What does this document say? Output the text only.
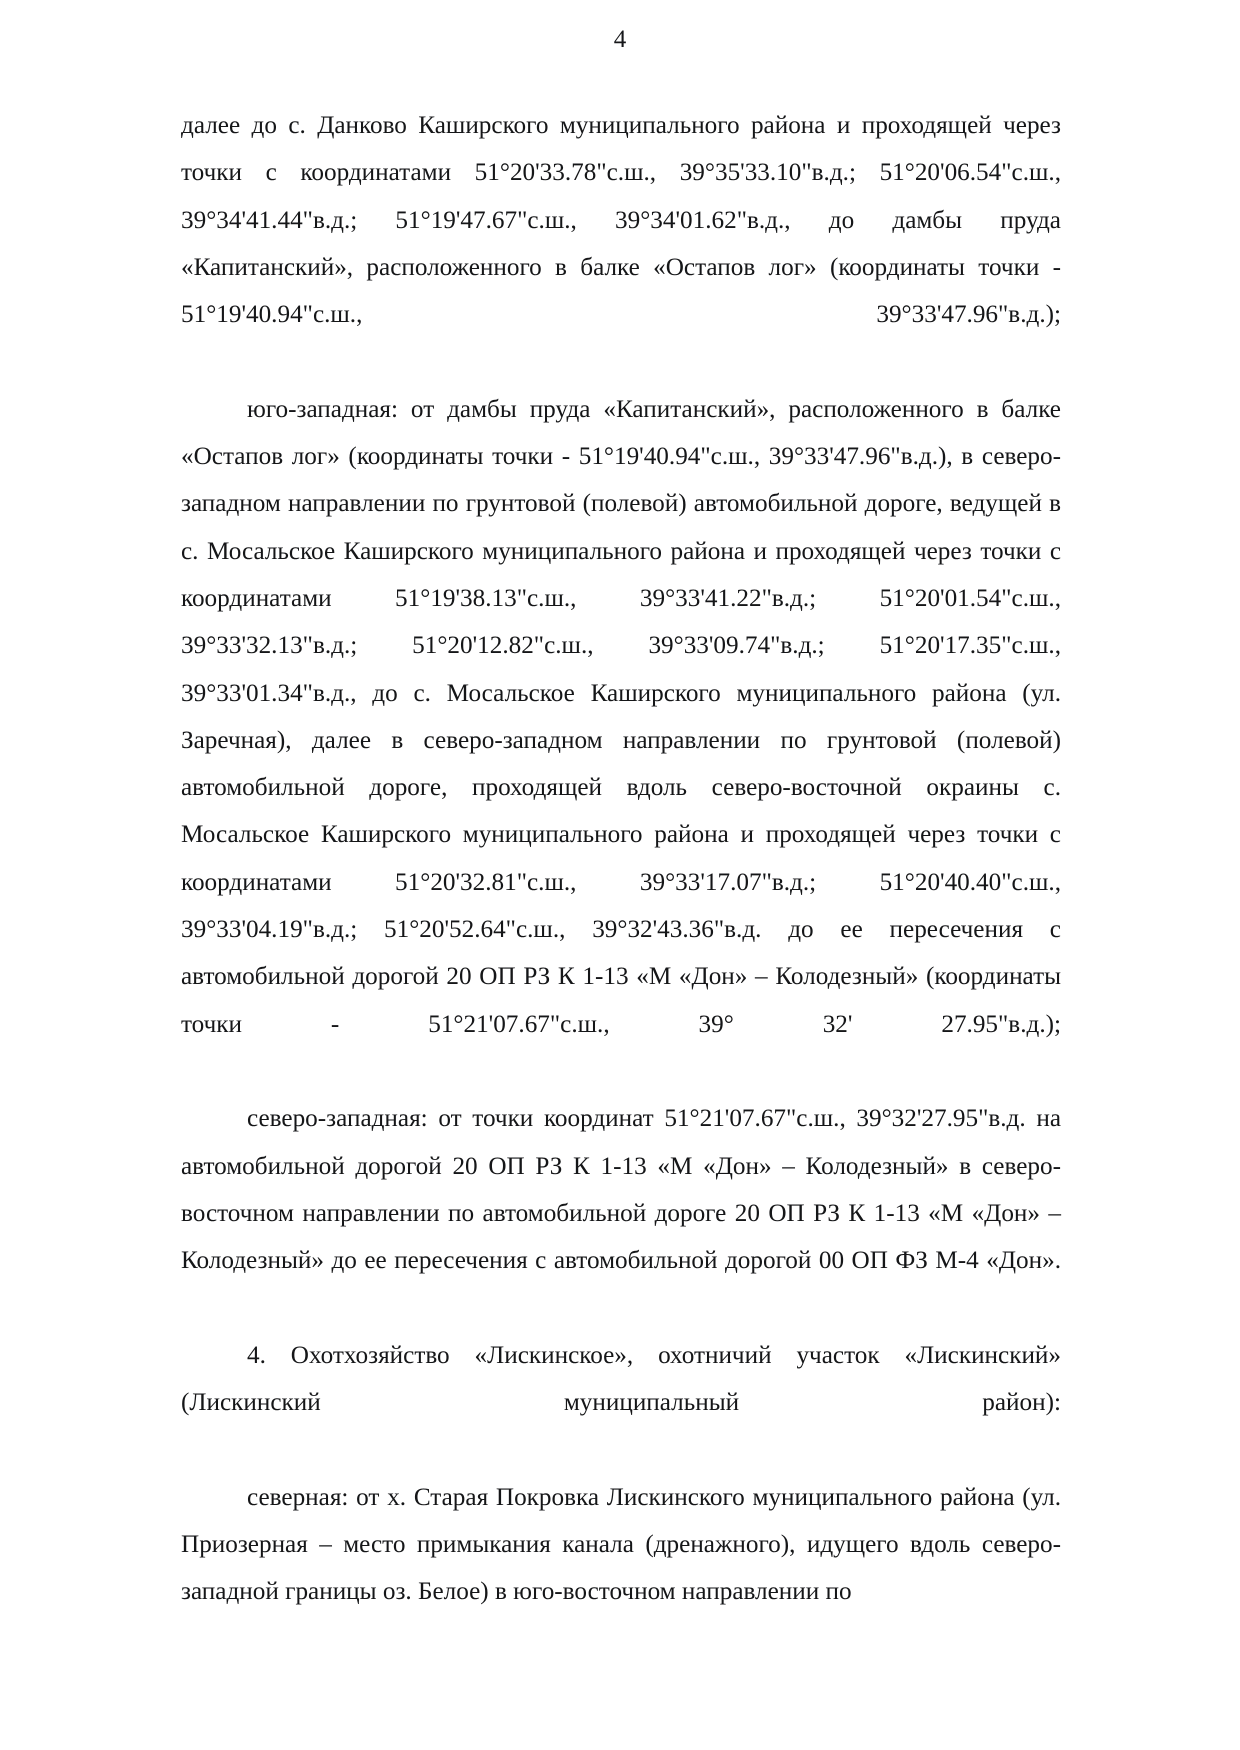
4

далее до с. Данково Каширского муниципального района и проходящей через точки с координатами 51°20'33.78"с.ш., 39°35'33.10"в.д.; 51°20'06.54"с.ш., 39°34'41.44"в.д.; 51°19'47.67"с.ш., 39°34'01.62"в.д., до дамбы пруда «Капитанский», расположенного в балке «Остапов лог» (координаты точки - 51°19'40.94"с.ш., 39°33'47.96"в.д.);

юго-западная: от дамбы пруда «Капитанский», расположенного в балке «Остапов лог» (координаты точки - 51°19'40.94"с.ш., 39°33'47.96"в.д.), в северо-западном направлении по грунтовой (полевой) автомобильной дороге, ведущей в с. Мосальское Каширского муниципального района и проходящей через точки с координатами 51°19'38.13"с.ш., 39°33'41.22"в.д.; 51°20'01.54"с.ш., 39°33'32.13"в.д.; 51°20'12.82"с.ш., 39°33'09.74"в.д.; 51°20'17.35"с.ш., 39°33'01.34"в.д., до с. Мосальское Каширского муниципального района (ул. Заречная), далее в северо-западном направлении по грунтовой (полевой) автомобильной дороге, проходящей вдоль северо-восточной окраины с. Мосальское Каширского муниципального района и проходящей через точки с координатами 51°20'32.81"с.ш., 39°33'17.07"в.д.; 51°20'40.40"с.ш., 39°33'04.19"в.д.; 51°20'52.64"с.ш., 39°32'43.36"в.д. до ее пересечения с автомобильной дорогой 20 ОП РЗ К 1-13 «М «Дон» – Колодезный» (координаты точки - 51°21'07.67"с.ш., 39° 32' 27.95"в.д.);

северо-западная: от точки координат 51°21'07.67"с.ш., 39°32'27.95"в.д. на автомобильной дорогой 20 ОП РЗ К 1-13 «М «Дон» – Колодезный» в северо-восточном направлении по автомобильной дороге 20 ОП РЗ К 1-13 «М «Дон» – Колодезный» до ее пересечения с автомобильной дорогой 00 ОП ФЗ М-4 «Дон».

4. Охотхозяйство «Лискинское», охотничий участок «Лискинский» (Лискинский муниципальный район):

северная: от х. Старая Покровка Лискинского муниципального района (ул. Приозерная – место примыкания канала (дренажного), идущего вдоль северо-западной границы оз. Белое) в юго-восточном направлении по
